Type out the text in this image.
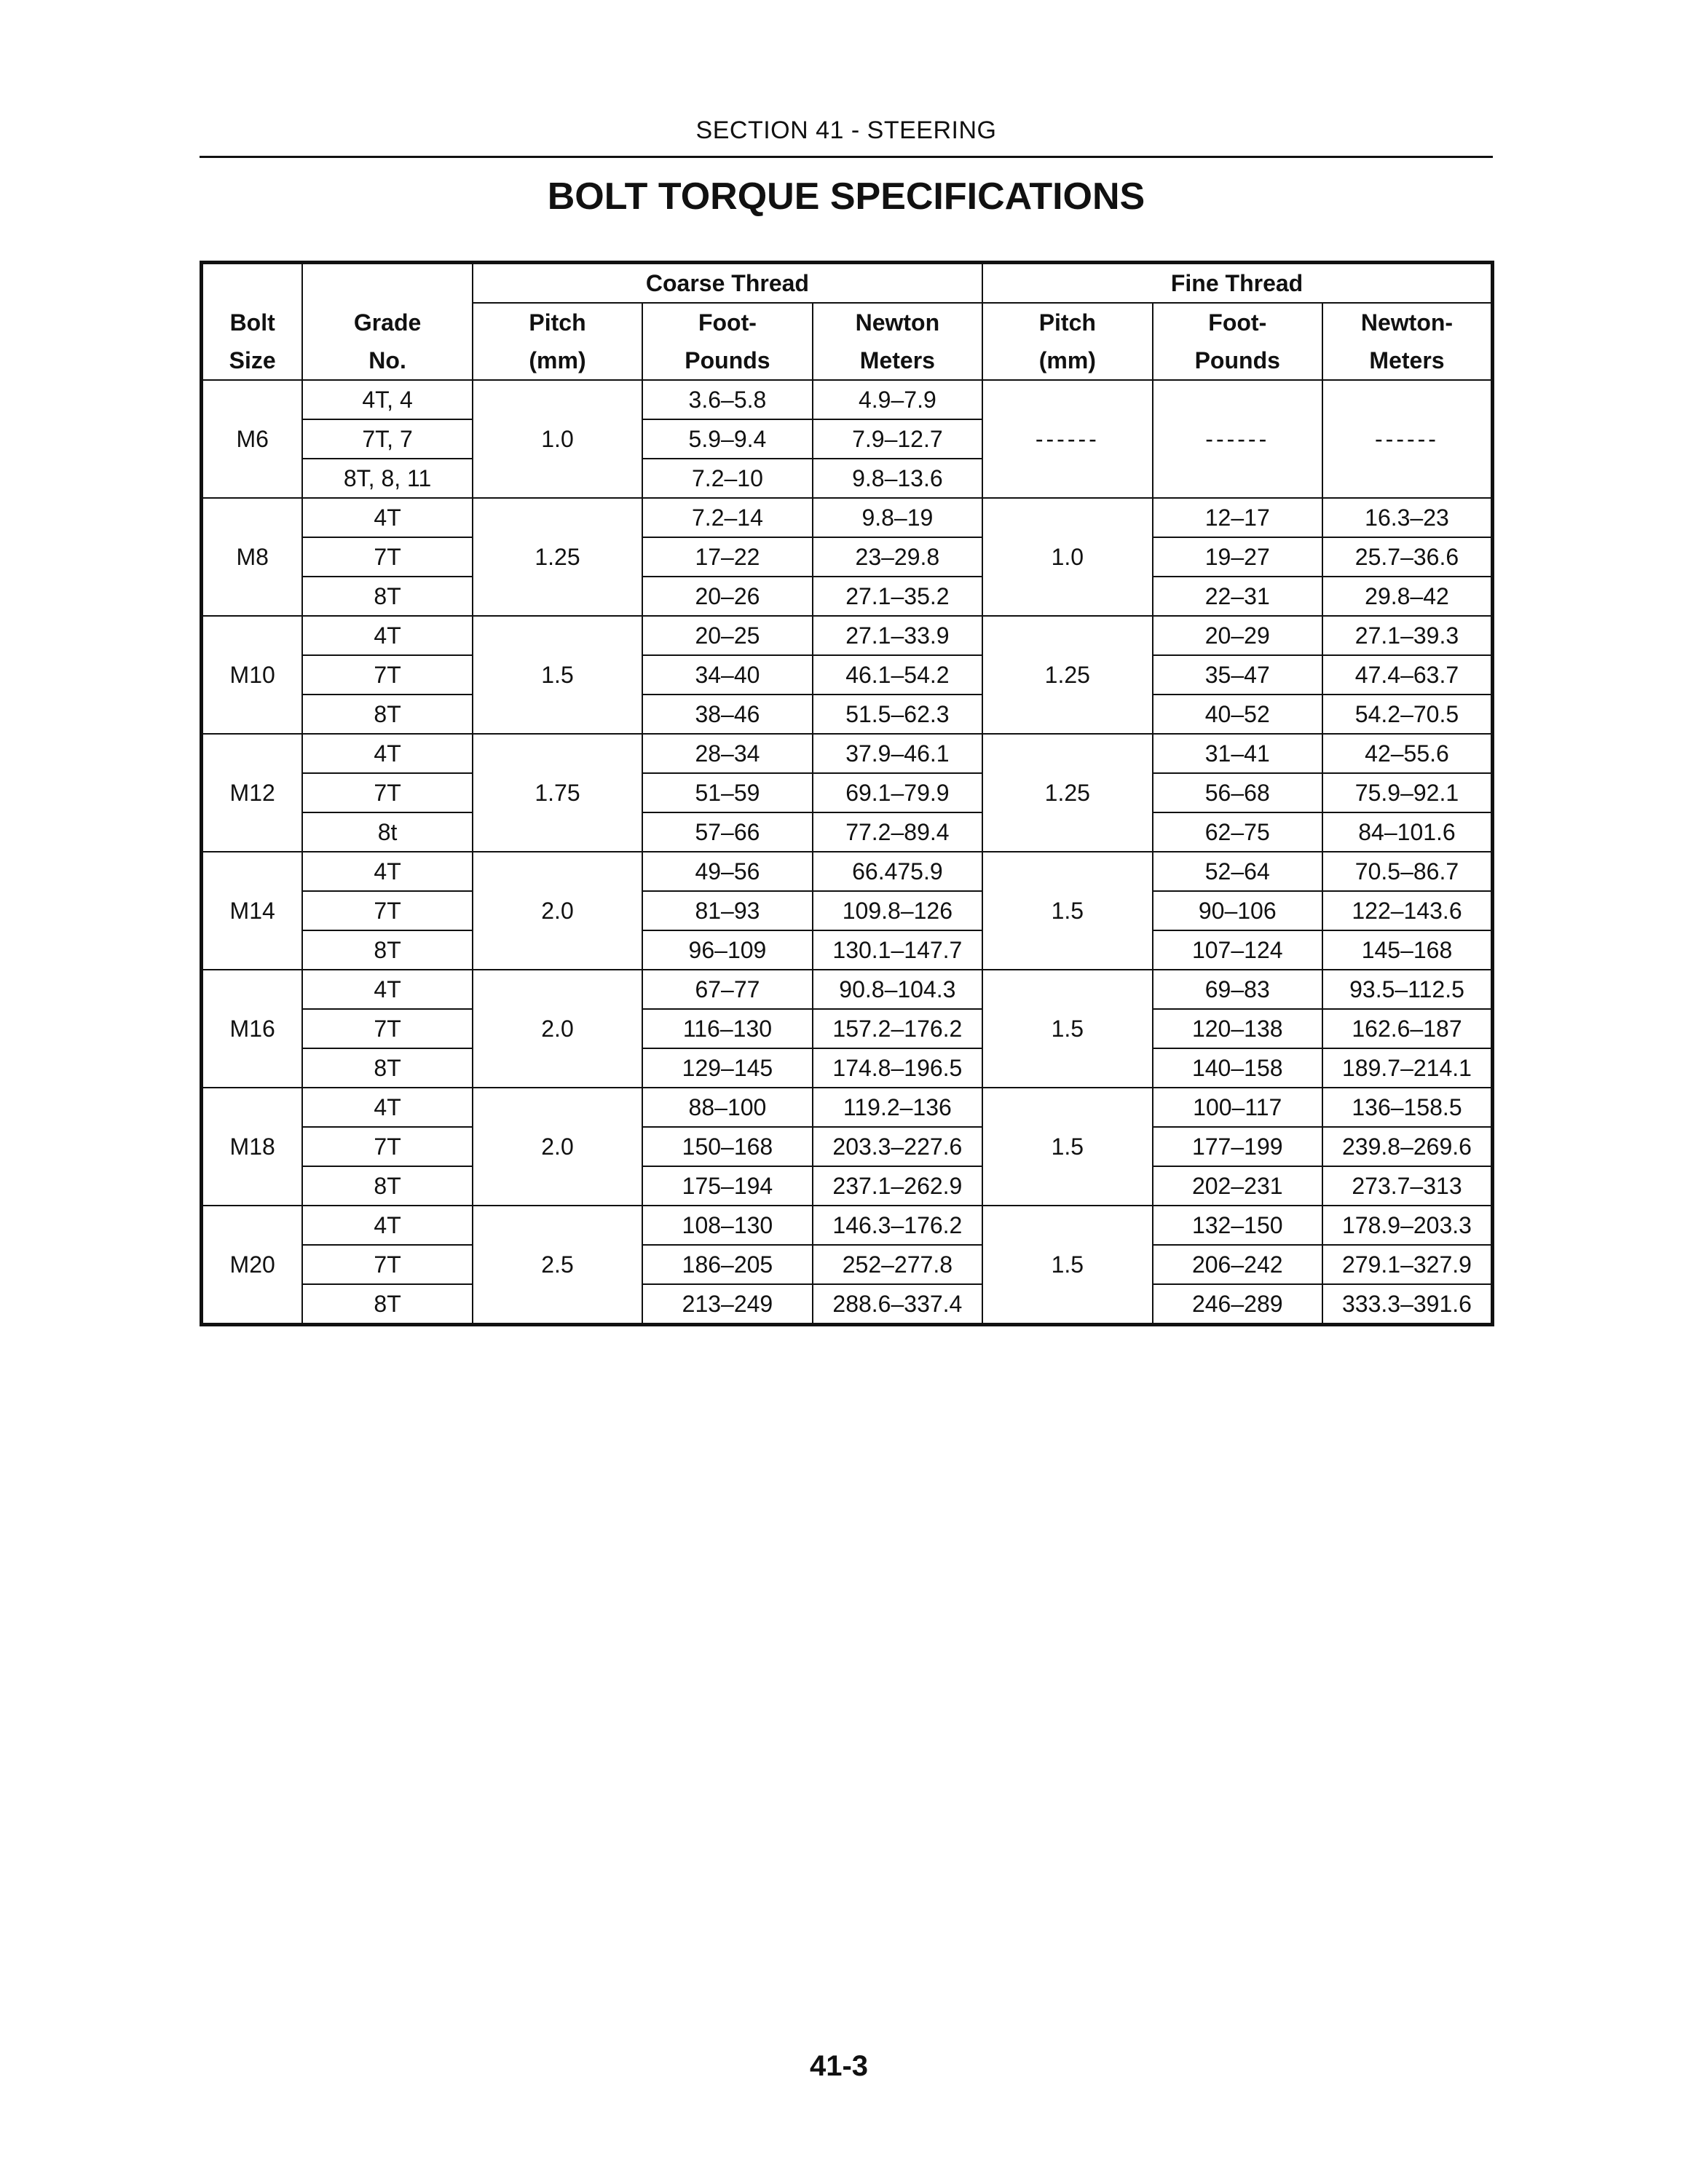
SECTION 41 - STEERING
BOLT TORQUE SPECIFICATIONS
		Coarse Thread			Fine Thread		
Bolt	Grade	Pitch	Foot-	Newton	Pitch	Foot-	Newton-
Size	No.	(mm)	Pounds	Meters	(mm)	Pounds	Meters
M6	4T, 4	1.0	3.6–5.8	4.9–7.9	------	------	------
	7T, 7		5.9–9.4	7.9–12.7			
	8T, 8, 11		7.2–10	9.8–13.6			
M8	4T	1.25	7.2–14	9.8–19	1.0	12–17	16.3–23
	7T		17–22	23–29.8		19–27	25.7–36.6
	8T		20–26	27.1–35.2		22–31	29.8–42
M10	4T	1.5	20–25	27.1–33.9	1.25	20–29	27.1–39.3
	7T		34–40	46.1–54.2		35–47	47.4–63.7
	8T		38–46	51.5–62.3		40–52	54.2–70.5
M12	4T	1.75	28–34	37.9–46.1	1.25	31–41	42–55.6
	7T		51–59	69.1–79.9		56–68	75.9–92.1
	8t		57–66	77.2–89.4		62–75	84–101.6
M14	4T	2.0	49–56	66.475.9	1.5	52–64	70.5–86.7
	7T		81–93	109.8–126		90–106	122–143.6
	8T		96–109	130.1–147.7		107–124	145–168
M16	4T	2.0	67–77	90.8–104.3	1.5	69–83	93.5–112.5
	7T		116–130	157.2–176.2		120–138	162.6–187
	8T		129–145	174.8–196.5		140–158	189.7–214.1
M18	4T	2.0	88–100	119.2–136	1.5	100–117	136–158.5
	7T		150–168	203.3–227.6		177–199	239.8–269.6
	8T		175–194	237.1–262.9		202–231	273.7–313
M20	4T	2.5	108–130	146.3–176.2	1.5	132–150	178.9–203.3
	7T		186–205	252–277.8		206–242	279.1–327.9
	8T		213–249	288.6–337.4		246–289	333.3–391.6
41-3
